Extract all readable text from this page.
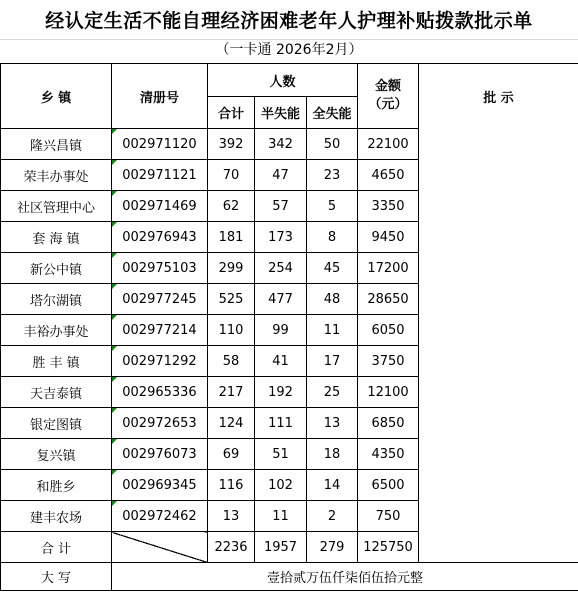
经认定生活不能自理经济困难老年人护理补贴拨款批示单
（一卡通 2026年2月）
乡 镇	清册号	人数			金额（元）	批 示

		合计	半失能	全失能		
隆兴昌镇	002971120	392	342	50	22100	
荣丰办事处	002971121	70	47	23	4650	
社区管理中心	002971469	62	57	5	3350	
套 海 镇	002976943	181	173	8	9450	
新公中镇	002975103	299	254	45	17200	
塔尔湖镇	002977245	525	477	48	28650	
丰裕办事处	002977214	110	99	11	6050	
胜 丰 镇	002971292	58	41	17	3750	
天吉泰镇	002965336	217	192	25	12100	
银定图镇	002972653	124	111	13	6850	
复兴镇	002976073	69	51	18	4350	
和胜乡	002969345	116	102	14	6500	
建丰农场	002972462	13	11	2	750	
合 计		2236	1957	279	125750	
大 写	壹拾贰万伍仟柒佰伍拾元整					
